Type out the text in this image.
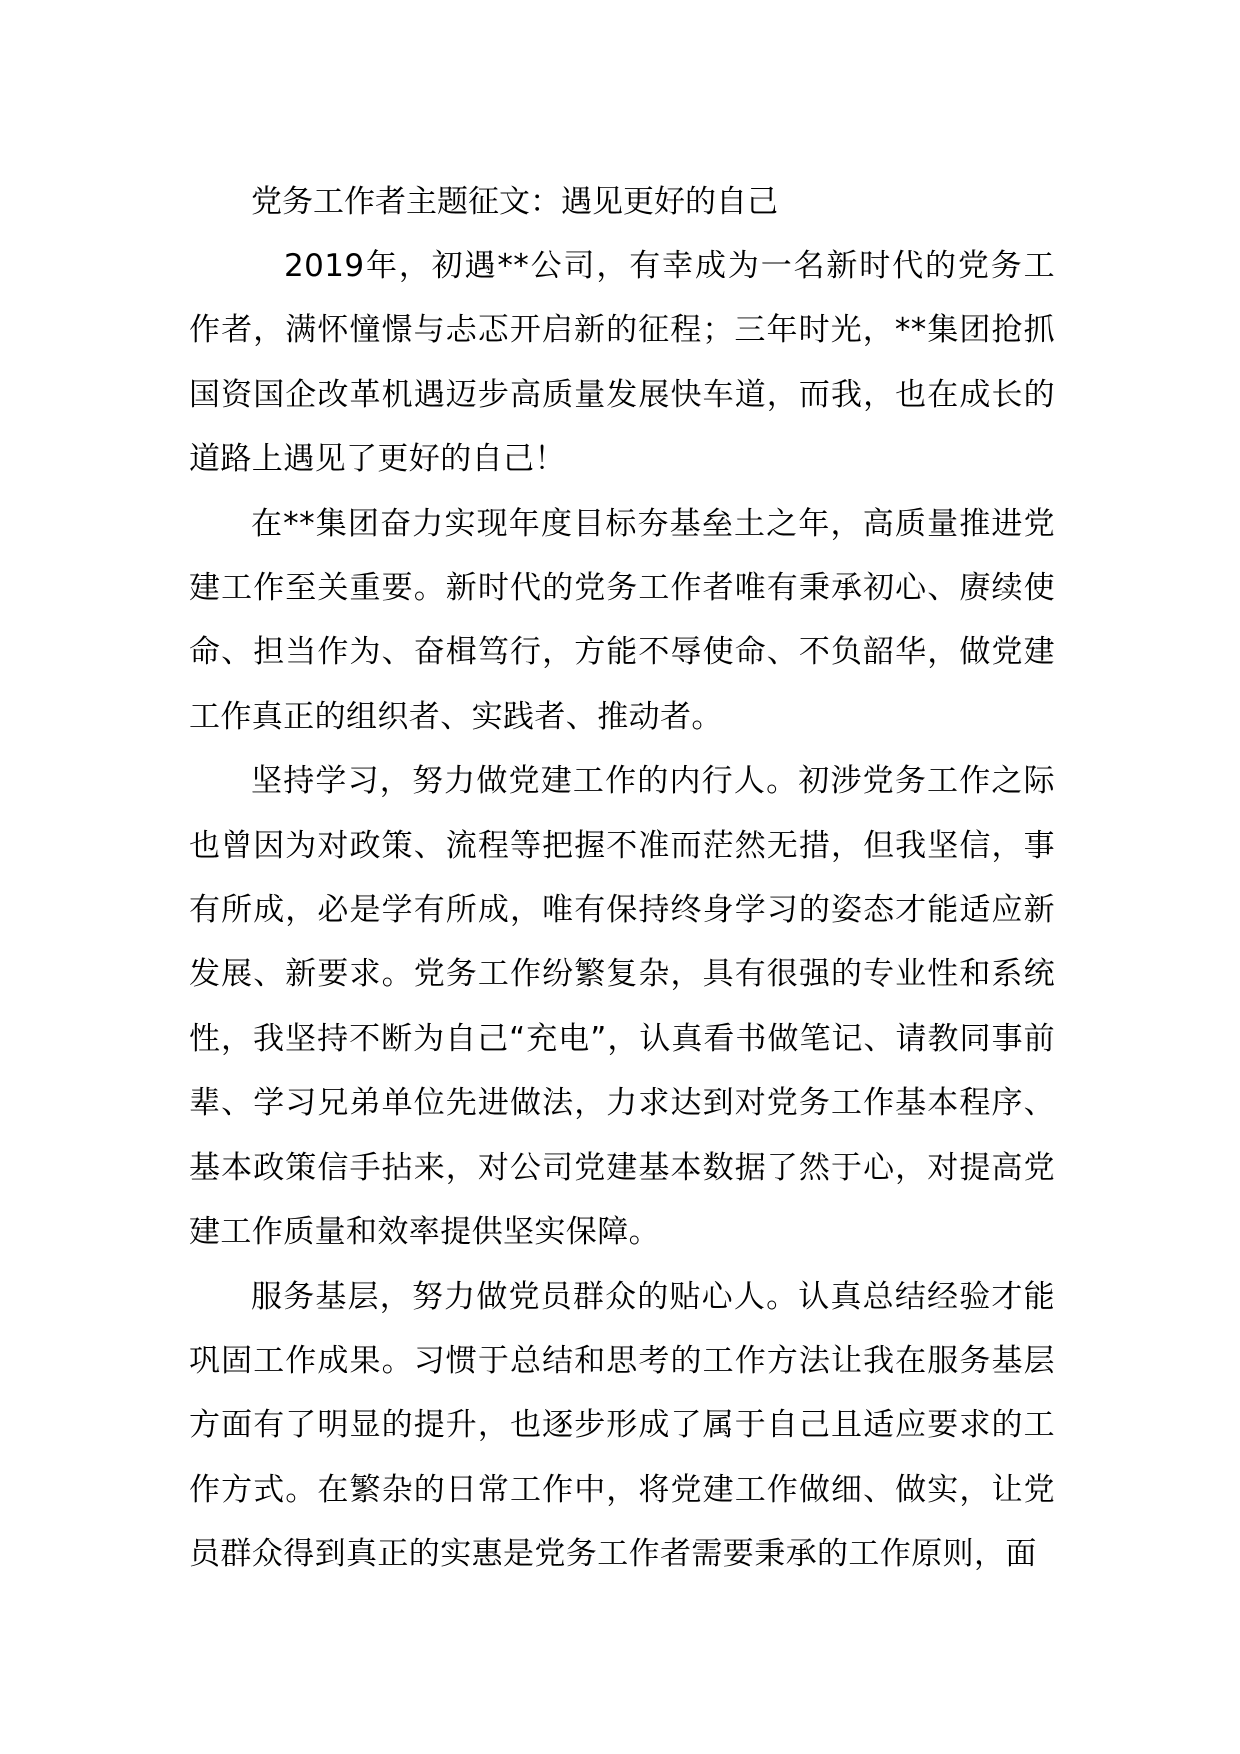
党务工作者主题征文：遇见更好的自己

2019年，初遇**公司，有幸成为一名新时代的党务工作者，满怀憧憬与忐忑开启新的征程；三年时光，**集团抢抓国资国企改革机遇迈步高质量发展快车道，而我，也在成长的道路上遇见了更好的自己！

在**集团奋力实现年度目标夯基垒土之年，高质量推进党建工作至关重要。新时代的党务工作者唯有秉承初心、赓续使命、担当作为、奋楫笃行，方能不辱使命、不负韶华，做党建工作真正的组织者、实践者、推动者。

坚持学习，努力做党建工作的内行人。初涉党务工作之际也曾因为对政策、流程等把握不准而茫然无措，但我坚信，事有所成，必是学有所成，唯有保持终身学习的姿态才能适应新发展、新要求。党务工作纷繁复杂，具有很强的专业性和系统性，我坚持不断为自己“充电”，认真看书做笔记、请教同事前辈、学习兄弟单位先进做法，力求达到对党务工作基本程序、基本政策信手拈来，对公司党建基本数据了然于心，对提高党建工作质量和效率提供坚实保障。

服务基层，努力做党员群众的贴心人。认真总结经验才能巩固工作成果。习惯于总结和思考的工作方法让我在服务基层方面有了明显的提升，也逐步形成了属于自己且适应要求的工作方式。在繁杂的日常工作中，将党建工作做细、做实，让党员群众得到真正的实惠是党务工作者需要秉承的工作原则，面
